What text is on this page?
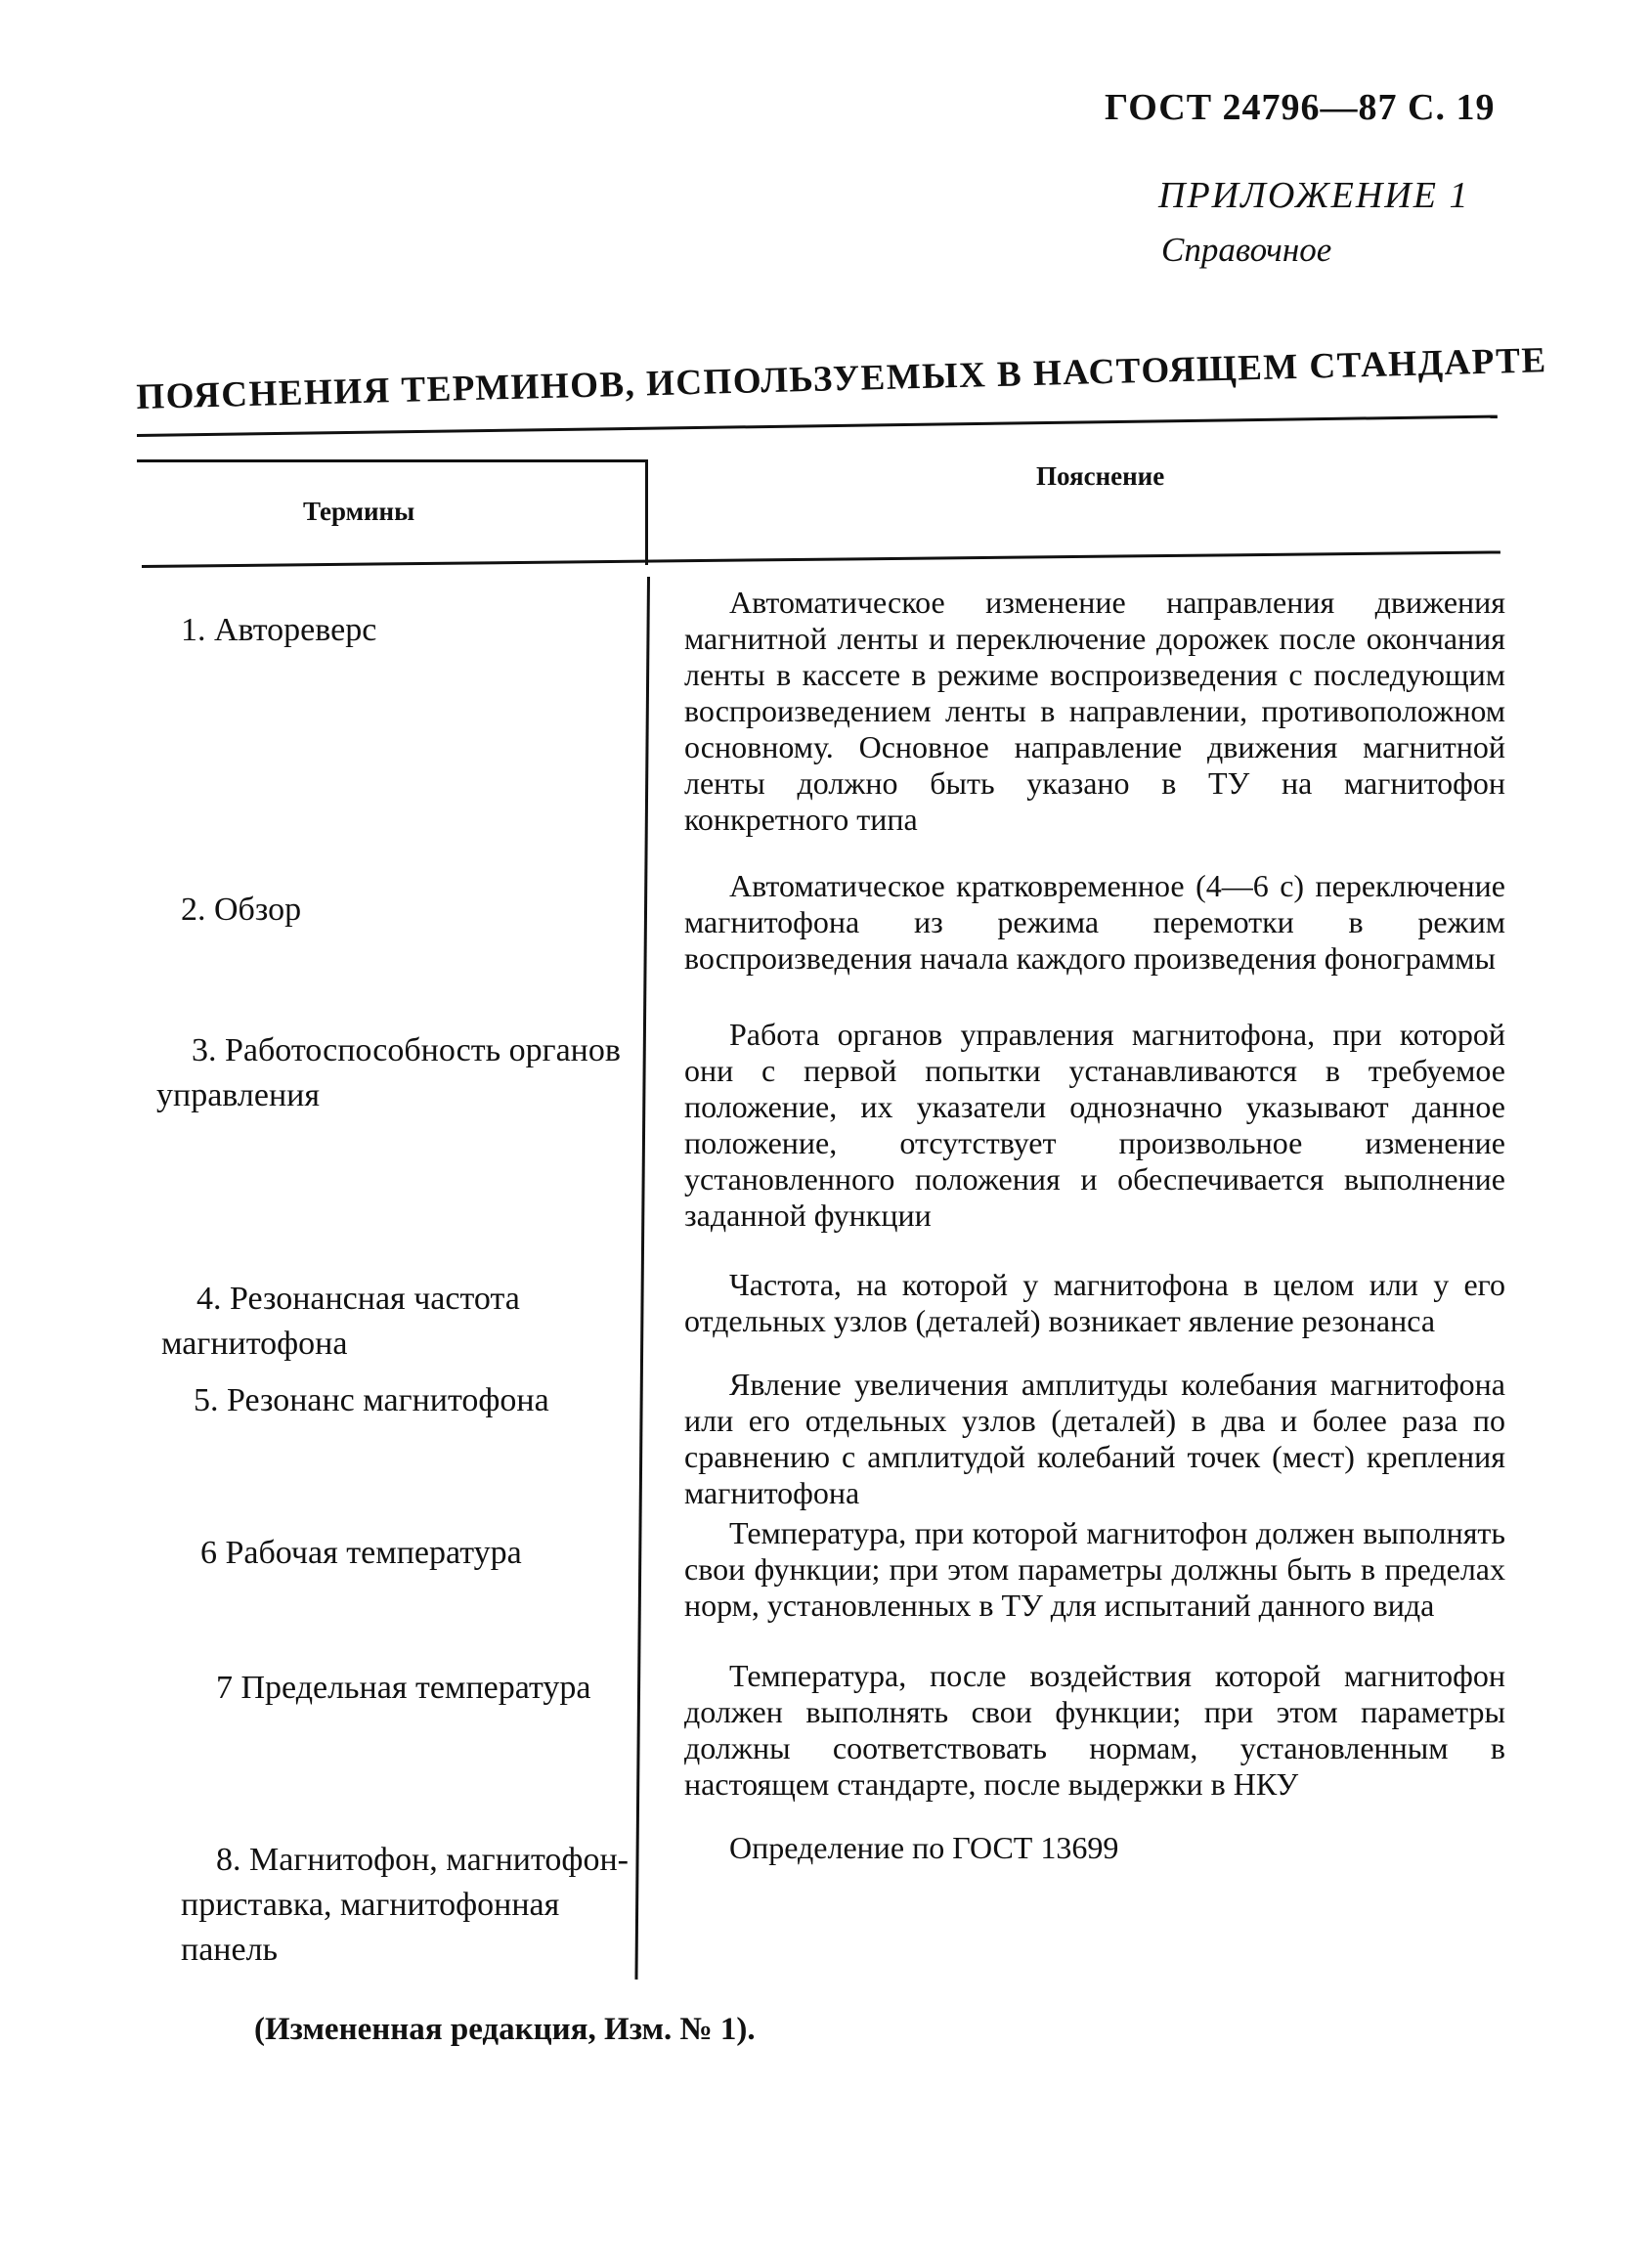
ГОСТ 24796—87 С. 19
ПРИЛОЖЕНИЕ 1
Справочное
ПОЯСНЕНИЯ ТЕРМИНОВ, ИСПОЛЬЗУЕМЫХ В НАСТОЯЩЕМ СТАНДАРТЕ
Термины
Пояснение
1. Автореверс
Автоматическое изменение направления движения магнитной ленты и переключение дорожек после окончания ленты в кассете в режиме воспроизведения с последующим воспроизведением ленты в направлении, противоположном основному. Основное направление движения магнитной ленты должно быть указано в ТУ на магнитофон конкретного типа
2. Обзор
Автоматическое кратковременное (4—6 с) переключение магнитофона из режима перемотки в режим воспроизведения начала каждого произведения фонограммы
3. Работоспособность органов управления
Работа органов управления магнитофона, при которой они с первой попытки устанавливаются в требуемое положение, их указатели однозначно указывают данное положение, отсутствует произвольное изменение установленного положения и обеспечивается выполнение заданной функции
4. Резонансная частота магнитофона
Частота, на которой у магнитофона в целом или у его отдельных узлов (деталей) возникает явление резонанса
5. Резонанс магнитофона	Явление увеличения амплитуды колебания магнитофона или его отдельных узлов (деталей) в два и более раза по сравнению с амплитудой колебаний точек (мест) крепления магнитофона
6 Рабочая температура
Температура, при которой магнитофон должен выполнять свои функции; при этом параметры должны быть в пределах норм, установленных в ТУ для испытаний данного вида
7 Предельная температура	Температура, после воздействия которой магнитофон должен выполнять свои функции; при этом параметры должны соответствовать нормам, установленным в настоящем стандарте, после выдержки в НКУ
8. Магнитофон, магнитофон-приставка, магнитофонная панель
Определение по ГОСТ 13699
(Измененная редакция, Изм. № 1).
